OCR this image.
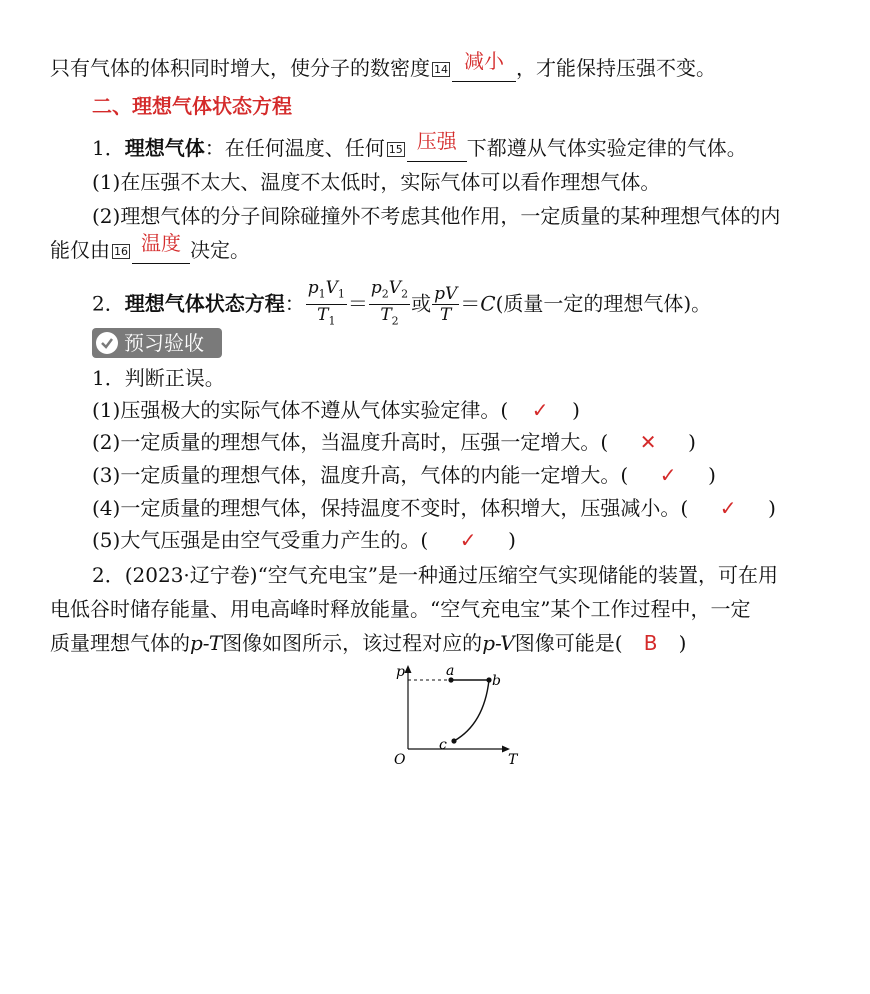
只有气体的体积同时增大，使分子的数密度 14 减小 ，才能保持压强不变。
二、理想气体状态方程
1．理想气体：在任何温度、任何 15 压强 下都遵从气体实验定律的气体。
(1)在压强不太大、温度不太低时，实际气体可以看作理想气体。
(2)理想气体的分子间除碰撞外不考虑其他作用，一定质量的某种理想气体的内
能仅由 16 温度 决定。
2．理想气体状态方程： $\frac{p_1V_1}{T_1} = \frac{p_2V_2}{T_2}$ 或 $\frac{pV}{T} =C$(质量一定的理想气体)。
预习验收
1．判断正误。
(1)压强极大的实际气体不遵从气体实验定律。( ✓ )
(2)一定质量的理想气体，当温度升高时，压强一定增大。( ✕ )
(3)一定质量的理想气体，温度升高，气体的内能一定增大。( ✓ )
(4)一定质量的理想气体，保持温度不变时，体积增大，压强减小。( ✓ )
(5)大气压强是由空气受重力产生的。( ✓ )
2．(2023·辽宁卷)“空气充电宝”是一种通过压缩空气实现储能的装置，可在用
电低谷时储存能量、用电高峰时释放能量。“空气充电宝”某个工作过程中，一定
质量理想气体的p-T图像如图所示，该过程对应的p-V图像可能是( B )
p
T
O
a
b
c
